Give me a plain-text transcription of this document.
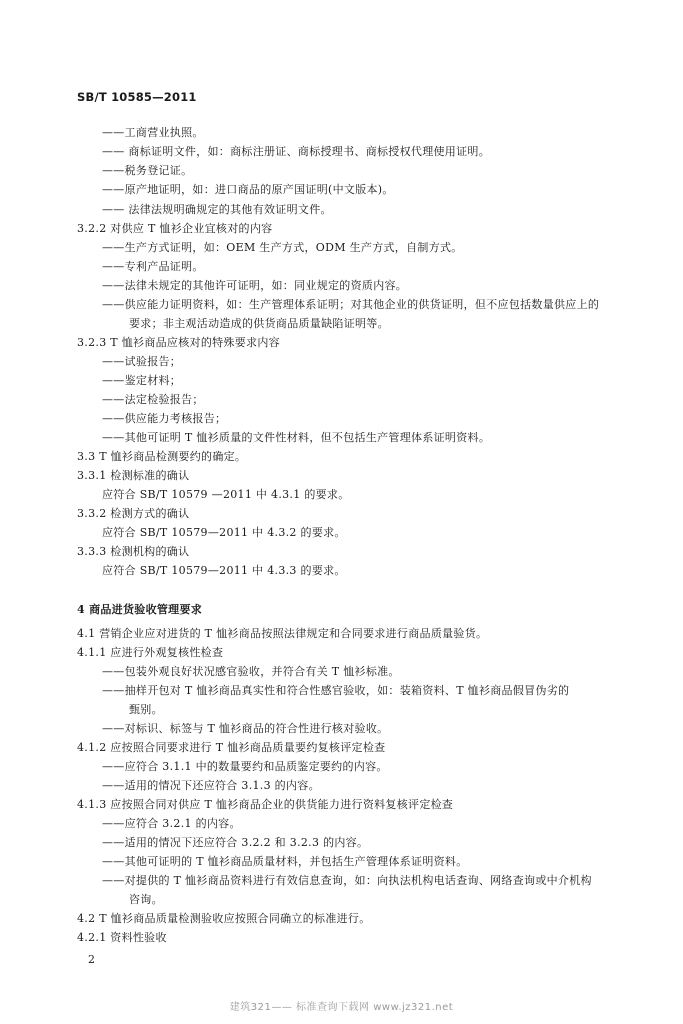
SB/T 10585—2011
——工商营业执照。
—— 商标证明文件，如：商标注册证、商标授理书、商标授权代理使用证明。
——税务登记证。
——原产地证明，如：进口商品的原产国证明(中文版本)。
—— 法律法规明确规定的其他有效证明文件。
3.2.2 对供应 T 恤衫企业宜核对的内容
——生产方式证明，如：OEM 生产方式，ODM 生产方式，自制方式。
——专利产品证明。
——法律未规定的其他许可证明，如：同业规定的资质内容。
——供应能力证明资料，如：生产管理体系证明；对其他企业的供货证明，但不应包括数量供应上的
要求；非主观活动造成的供货商品质量缺陷证明等。
3.2.3 T 恤衫商品应核对的特殊要求内容
——试验报告；
——鉴定材料；
——法定检验报告；
——供应能力考核报告；
——其他可证明 T 恤衫质量的文件性材料，但不包括生产管理体系证明资料。
3.3 T 恤衫商品检测要约的确定。
3.3.1 检测标准的确认
应符合 SB/T 10579 —2011 中 4.3.1 的要求。
3.3.2 检测方式的确认
应符合 SB/T 10579—2011 中 4.3.2 的要求。
3.3.3 检测机构的确认
应符合 SB/T 10579—2011 中 4.3.3 的要求。
4 商品进货验收管理要求
4.1 营销企业应对进货的 T 恤衫商品按照法律规定和合同要求进行商品质量验货。
4.1.1 应进行外观复核性检查
——包装外观良好状况感官验收，并符合有关 T 恤衫标准。
——抽样开包对 T 恤衫商品真实性和符合性感官验收，如：装箱资料、T 恤衫商品假冒伪劣的
甄别。
——对标识、标签与 T 恤衫商品的符合性进行核对验收。
4.1.2 应按照合同要求进行 T 恤衫商品质量要约复核评定检查
——应符合 3.1.1 中的数量要约和品质鉴定要约的内容。
——适用的情况下还应符合 3.1.3 的内容。
4.1.3 应按照合同对供应 T 恤衫商品企业的供货能力进行资料复核评定检查
——应符合 3.2.1 的内容。
——适用的情况下还应符合 3.2.2 和 3.2.3 的内容。
——其他可证明的 T 恤衫商品质量材料，并包括生产管理体系证明资料。
——对提供的 T 恤衫商品资料进行有效信息查询，如：向执法机构电话查询、网络查询或中介机构
咨询。
4.2 T 恤衫商品质量检测验收应按照合同确立的标准进行。
4.2.1 资料性验收
2
建筑321—— 标准查询下载网 www.jz321.net
